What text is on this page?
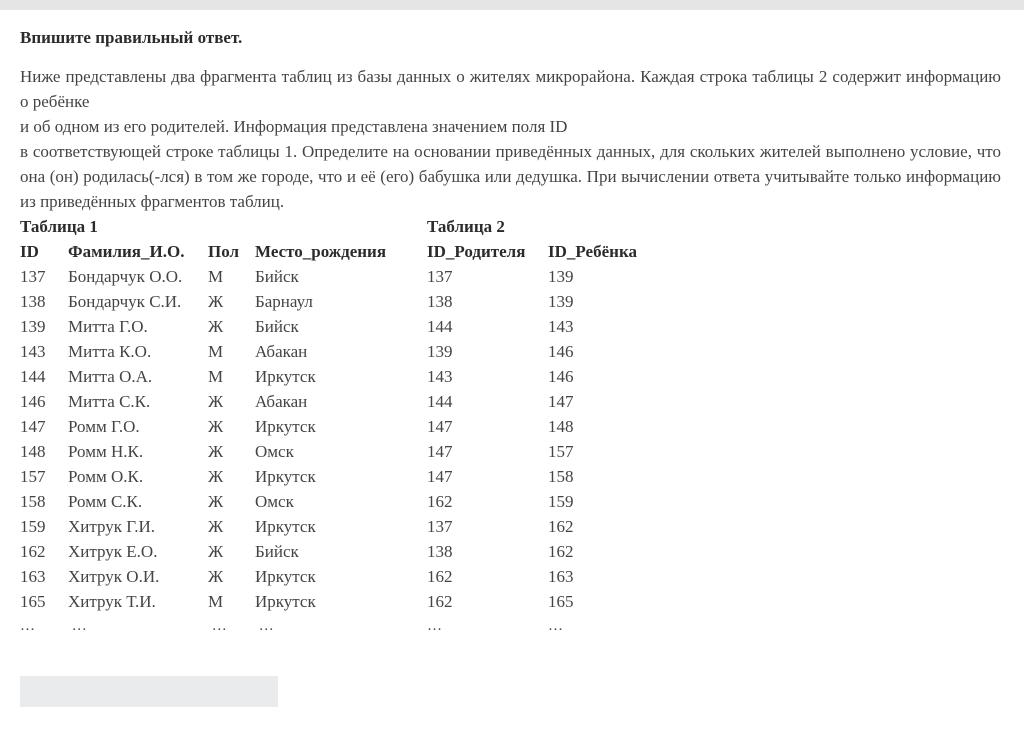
Впишите правильный ответ.

Ниже представлены два фрагмента таблиц из базы данных о жителях микрорайона. Каждая строка таблицы 2 содержит информацию о ребёнке

и об одном из его родителей. Информация представлена значением поля ID

в соответствующей строке таблицы 1. Определите на основании приведённых данных, для скольких жителей выполнено условие, что она (он) родилась(-лся) в том же городе, что и её (его) бабушка или дедушка. При вычислении ответа учитывайте только информацию из приведённых фрагментов таблиц.

Таблица 1			
ID	Фамилия_И.О.	Пол	Место_рождения
137	Бондарчук О.О.	М	Бийск
138	Бондарчук С.И.	Ж	Барнаул
139	Митта Г.О.	Ж	Бийск
143	Митта К.О.	М	Абакан
144	Митта О.А.	М	Иркутск
146	Митта С.К.	Ж	Абакан
147	Ромм Г.О.	Ж	Иркутск
148	Ромм Н.К.	Ж	Омск
157	Ромм О.К.	Ж	Иркутск
158	Ромм С.К.	Ж	Омск
159	Хитрук Г.И.	Ж	Иркутск
162	Хитрук Е.О.	Ж	Бийск
163	Хитрук О.И.	Ж	Иркутск
165	Хитрук Т.И.	М	Иркутск
…	…	…	…
Таблица 2	
ID_Родителя	ID_Ребёнка
137	139
138	139
144	143
139	146
143	146
144	147
147	148
147	157
147	158
162	159
137	162
138	162
162	163
162	165
…	…
